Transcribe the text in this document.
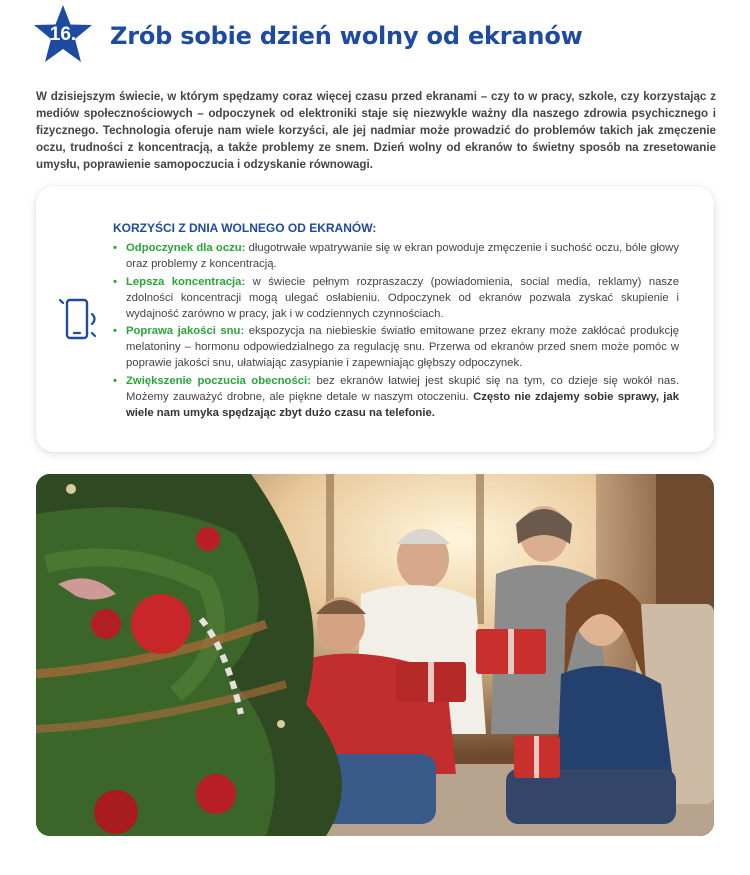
16.	Zrób sobie dzień wolny od ekranów

W dzisiejszym świecie, w którym spędzamy coraz więcej czasu przed ekranami – czy to w pracy, szkole, czy korzystając z mediów społecznościowych – odpoczynek od elektroniki staje się niezwykle ważny dla naszego zdrowia psychicznego i fizycznego. Technologia oferuje nam wiele korzyści, ale jej nadmiar może prowadzić do problemów takich jak zmęczenie oczu, trudności z koncentracją, a także problemy ze snem. Dzień wolny od ekranów to świetny sposób na zresetowanie umysłu, poprawienie samopoczucia i odzyskanie równowagi.

KORZYŚCI Z DNIA WOLNEGO OD EKRANÓW:
• Odpoczynek dla oczu: długotrwałe wpatrywanie się w ekran powoduje zmęczenie i suchość oczu, bóle głowy oraz problemy z koncentracją.
• Lepsza koncentracja: w świecie pełnym rozpraszaczy (powiadomienia, social media, reklamy) nasze zdolności koncentracji mogą ulegać osłabieniu. Odpoczynek od ekranów pozwala zyskać skupienie i wydajność zarówno w pracy, jak i w codziennych czynnościach.
• Poprawa jakości snu: ekspozycja na niebieskie światło emitowane przez ekrany może zakłócać produkcję melatoniny – hormonu odpowiedzialnego za regulację snu. Przerwa od ekranów przed snem może pomóc w poprawie jakości snu, ułatwiając zasypianie i zapewniając głębszy odpoczynek.
• Zwiększenie poczucia obecności: bez ekranów łatwiej jest skupić się na tym, co dzieje się wokół nas. Możemy zauważyć drobne, ale piękne detale w naszym otoczeniu. Często nie zdajemy sobie sprawy, jak wiele nam umyka spędzając zbyt dużo czasu na telefonie.
